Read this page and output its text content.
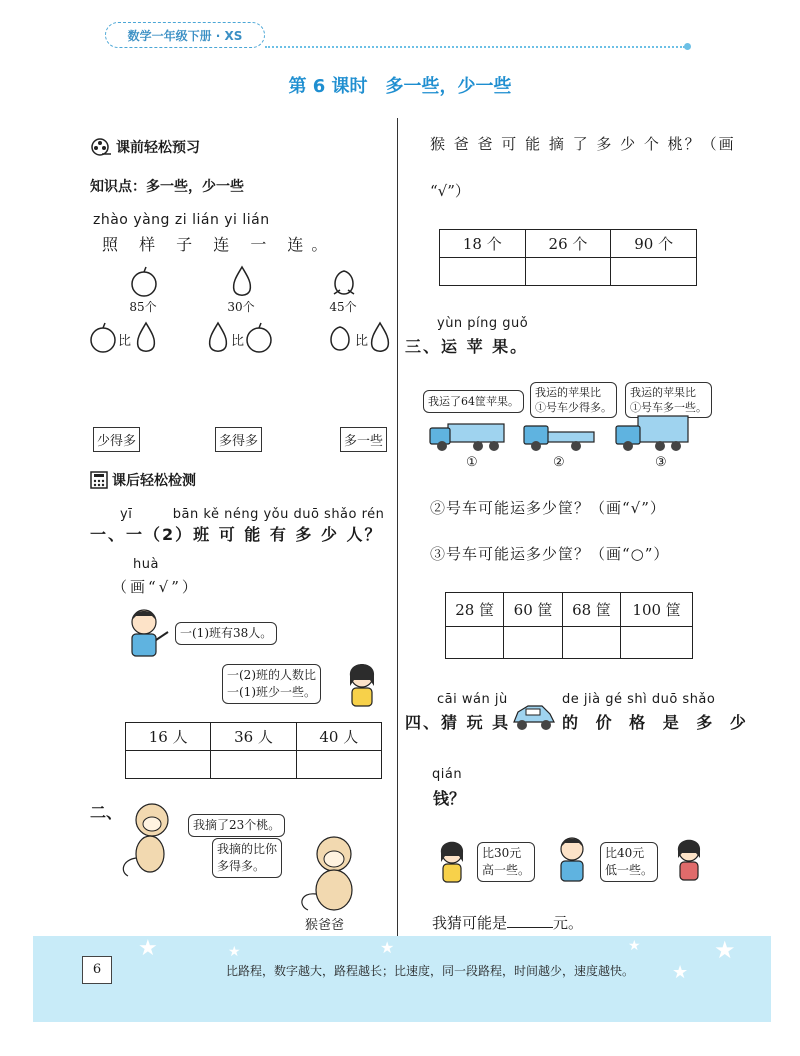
数学一年级下册 · XS
第 6 课时　多一些，少一些
课前轻松预习
知识点：多一些，少一些
zhào yàng zi lián yi lián
照 样 子 连 一 连。
85个	30个	45个
比	比	比
少得多	多得多	多一些
课后轻松检测
yī　　　bān kě néng yǒu duō shǎo rén
一、一（2）班 可 能 有 多 少 人？
huà
（画“√”）
一(1)班有38人。
一(2)班的人数比
一(1)班少一些。
16 人	36 人	40 人

二、
我摘了23个桃。
我摘的比你
多得多。
猴爸爸
猴 爸 爸 可 能 摘 了 多 少 个 桃？（画
“√”）
18 个	26 个	90 个

yùn píng guǒ
三、运 苹 果。
我运了64筐苹果。
我运的苹果比
①号车少得多。
我运的苹果比
①号车多一些。
①	②	③
②号车可能运多少筐？（画“√”）
③号车可能运多少筐？（画“○”）
28 筐	60 筐	68 筐	100 筐

cāi wán jù	de jià gé shì duō shǎo
四、猜 玩 具	的 价 格 是 多 少
qián
钱？
比30元
高一些。
比40元
低一些。
我猜可能是	元。
★	★	★	★	★
★
6	比路程，数字越大，路程越长；比速度，同一段路程，时间越少，速度越快。
